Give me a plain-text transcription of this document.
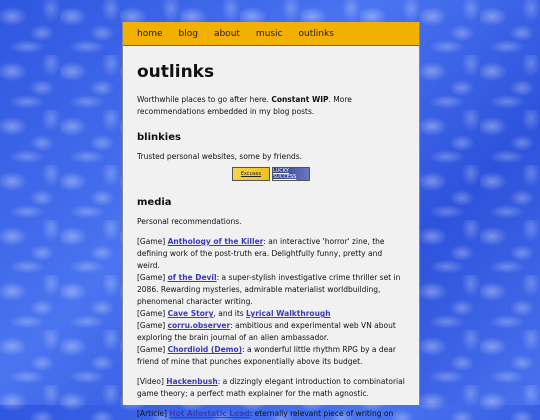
home blog about music outlinks
outlinks

Worthwhile places to go after here. Constant WIP. More recommendations embedded in my blog posts.

blinkies

Trusted personal websites, some by friends.

Excuses	LUCKY SUCCESS
media

Personal recommendations.

[Game] Anthology of the Killer: an interactive 'horror' zine, the defining work of the post-truth era. Delightfully funny, pretty and weird.

[Game] of the Devil: a super-stylish investigative crime thriller set in 2086. Rewarding mysteries, admirable materialist worldbuilding, phenomenal character writing.

[Game] Cave Story, and its Lyrical Walkthrough

[Game] corru.observer: ambitious and experimental web VN about exploring the brain journal of an alien ambassador.

[Game] Chordioid (Demo): a wonderful little rhythm RPG by a dear friend of mine that punches exponentially above its budget.

[Video] Hackenbush: a dizzingly elegant introduction to combinatorial game theory; a perfect math explainer for the math agnostic.

[Article] Hot Allostatic Load: eternally relevant piece of writing on
